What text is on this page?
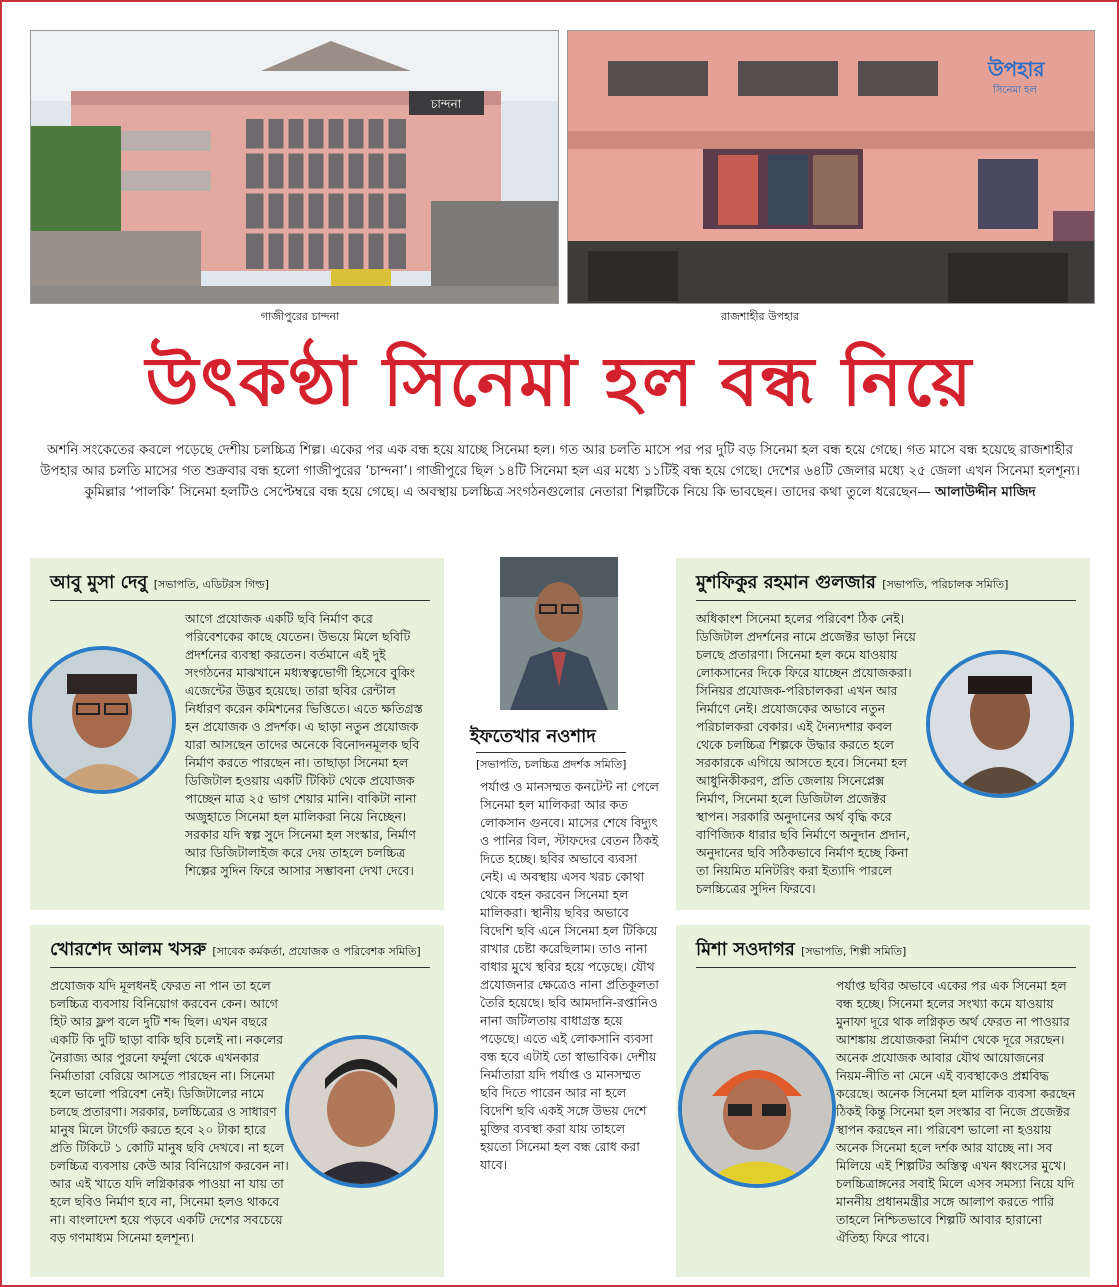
চান্দনা
উপহার
সিনেমা হল
গাজীপুরের চান্দনা	রাজশাহীর উপহার
উৎকণ্ঠা সিনেমা হল বন্ধ নিয়ে
অশনি সংকেতের কবলে পড়েছে দেশীয় চলচ্চিত্র শিল্প। একের পর এক বন্ধ হয়ে যাচ্ছে সিনেমা হল। গত আর চলতি মাসে পর পর দুটি বড় সিনেমা হল বন্ধ হয়ে গেছে। গত মাসে বন্ধ হয়েছে রাজশাহীর উপহার আর চলতি মাসের গত শুক্রবার বন্ধ হলো গাজীপুরের ‘চান্দনা’। গাজীপুরে ছিল ১৪টি সিনেমা হল এর মধ্যে ১১টিই বন্ধ হয়ে গেছে। দেশের ৬৪টি জেলার মধ্যে ২৫ জেলা এখন সিনেমা হলশূন্য। কুমিল্লার ‘পালকি’ সিনেমা হলটিও সেপ্টেম্বরে বন্ধ হয়ে গেছে। এ অবস্থায় চলচ্চিত্র সংগঠনগুলোর নেতারা শিল্পটিকে নিয়ে কি ভাবছেন। তাদের কথা তুলে ধরেছেন— আলাউদ্দীন মাজিদ
আবু মুসা দেবু [সভাপতি, এডিটরস গিল্ড]
আগে প্রযোজক একটি ছবি নির্মাণ করে পরিবেশকের কাছে যেতেন। উভয়ে মিলে ছবিটি প্রদর্শনের ব্যবস্থা করতেন। বর্তমানে এই দুই সংগঠনের মাঝখানে মধ্যস্বত্বভোগী হিসেবে বুকিং এজেন্টের উদ্ভব হয়েছে। তারা ছবির রেন্টাল নির্ধারণ করেন কমিশনের ভিত্তিতে। এতে ক্ষতিগ্রস্ত হন প্রযোজক ও প্রদর্শক। এ ছাড়া নতুন প্রযোজক যারা আসছেন তাদের অনেকে বিনোদনমূলক ছবি নির্মাণ করতে পারছেন না। তাছাড়া সিনেমা হল ডিজিটাল হওয়ায় একটি টিকিট থেকে প্রযোজক পাচ্ছেন মাত্র ২৫ ভাগ শেয়ার মানি। বাকিটা নানা অজুহাতে সিনেমা হল মালিকরা নিয়ে নিচ্ছেন। সরকার যদি স্বল্প সুদে সিনেমা হল সংস্কার, নির্মাণ আর ডিজিটালাইজ করে দেয় তাহলে চলচ্চিত্র শিল্পের সুদিন ফিরে আসার সম্ভাবনা দেখা দেবে।
মুশফিকুর রহমান গুলজার [সভাপতি, পরিচালক সমিতি]
অধিকাংশ সিনেমা হলের পরিবেশ ঠিক নেই। ডিজিটাল প্রদর্শনের নামে প্রজেক্টর ভাড়া নিয়ে চলছে প্রতারণা। সিনেমা হল কমে যাওয়ায় লোকসানের দিকে ফিরে যাচ্ছেন প্রযোজকরা। সিনিয়র প্রযোজক-পরিচালকরা এখন আর নির্মাণে নেই। প্রযোজকের অভাবে নতুন পরিচালকরা বেকার। এই দৈন্যদশার কবল থেকে চলচ্চিত্র শিল্পকে উদ্ধার করতে হলে সরকারকে এগিয়ে আসতে হবে। সিনেমা হল আধুনিকীকরণ, প্রতি জেলায় সিনেপ্লেক্স নির্মাণ, সিনেমা হলে ডিজিটাল প্রজেক্টর স্থাপন। সরকারি অনুদানের অর্থ বৃদ্ধি করে বাণিজ্যিক ধারার ছবি নির্মাণে অনুদান প্রদান, অনুদানের ছবি সঠিকভাবে নির্মাণ হচ্ছে কিনা তা নিয়মিত মনিটরিং করা ইত্যাদি পারলে চলচ্চিত্রের সুদিন ফিরবে।
খোরশেদ আলম খসরু [সাবেক কর্মকর্তা, প্রযোজক ও পরিবেশক সমিতি]
প্রযোজক যদি মূলধনই ফেরত না পান তা হলে চলচ্চিত্র ব্যবসায় বিনিয়োগ করবেন কেন। আগে হিট আর ফ্লপ বলে দুটি শব্দ ছিল। এখন বছরে একটি কি দুটি ছাড়া বাকি ছবি চলেই না। নকলের নৈরাজ্য আর পুরনো ফর্মুলা থেকে এখনকার নির্মাতারা বেরিয়ে আসতে পারছেন না। সিনেমা হলে ভালো পরিবেশ নেই। ডিজিটালের নামে চলছে প্রতারণা। সরকার, চলচ্চিত্রের ও সাধারণ মানুষ মিলে টার্গেট করতে হবে ২০ টাকা হারে প্রতি টিকিটে ১ কোটি মানুষ ছবি দেখবে। না হলে চলচ্চিত্র ব্যবসায় কেউ আর বিনিয়োগ করবেন না। আর এই খাতে যদি লগ্নিকারক পাওয়া না যায় তা হলে ছবিও নির্মাণ হবে না, সিনেমা হলও থাকবে না। বাংলাদেশ হয়ে পড়বে একটি দেশের সবচেয়ে বড় গণমাধ্যম সিনেমা হলশূন্য।
মিশা সওদাগর [সভাপতি, শিল্পী সমিতি]
পর্যাপ্ত ছবির অভাবে একের পর এক সিনেমা হল বন্ধ হচ্ছে। সিনেমা হলের সংখ্যা কমে যাওয়ায় মুনাফা দূরে থাক লগ্নিকৃত অর্থ ফেরত না পাওয়ার আশঙ্কায় প্রযোজকরা নির্মাণ থেকে দূরে সরছেন। অনেক প্রযোজক আবার যৌথ আয়োজনের নিয়ম-নীতি না মেনে এই ব্যবস্থাকেও প্রশ্নবিদ্ধ করেছে। অনেক সিনেমা হল মালিক ব্যবসা করছেন ঠিকই কিন্তু সিনেমা হল সংস্কার বা নিজে প্রজেক্টর স্থাপন করছেন না। পরিবেশ ভালো না হওয়ায় অনেক সিনেমা হলে দর্শক আর যাচ্ছে না। সব মিলিয়ে এই শিল্পটির অস্তিত্ব এখন ধ্বংসের মুখে। চলচ্চিত্রাঙ্গনের সবাই মিলে এসব সমস্যা নিয়ে যদি মাননীয় প্রধানমন্ত্রীর সঙ্গে আলাপ করতে পারি তাহলে নিশ্চিতভাবে শিল্পটি আবার হারানো ঐতিহ্য ফিরে পাবে।
ইফতেখার নওশাদ
[সভাপতি, চলচ্চিত্র প্রদর্শক সমিতি]
পর্যাপ্ত ও মানসম্মত কনটেন্ট না পেলে সিনেমা হল মালিকরা আর কত লোকসান গুনবে। মাসের শেষে বিদ্যুৎ ও পানির বিল, স্টাফদের বেতন ঠিকই দিতে হচ্ছে। ছবির অভাবে ব্যবসা নেই। এ অবস্থায় এসব খরচ কোথা থেকে বহন করবেন সিনেমা হল মালিকরা। স্থানীয় ছবির অভাবে বিদেশি ছবি এনে সিনেমা হল টিকিয়ে রাখার চেষ্টা করেছিলাম। তাও নানা বাধার মুখে স্থবির হয়ে পড়েছে। যৌথ প্রযোজনার ক্ষেত্রেও নানা প্রতিকূলতা তৈরি হয়েছে। ছবি আমদানি-রপ্তানিও নানা জটিলতায় বাধাগ্রস্ত হয়ে পড়েছে। এতে এই লোকসানি ব্যবসা বন্ধ হবে এটাই তো স্বাভাবিক। দেশীয় নির্মাতারা যদি পর্যাপ্ত ও মানসম্মত ছবি দিতে পারেন আর না হলে বিদেশি ছবি একই সঙ্গে উভয় দেশে মুক্তির ব্যবস্থা করা যায় তাহলে হয়তো সিনেমা হল বন্ধ রোধ করা যাবে।
